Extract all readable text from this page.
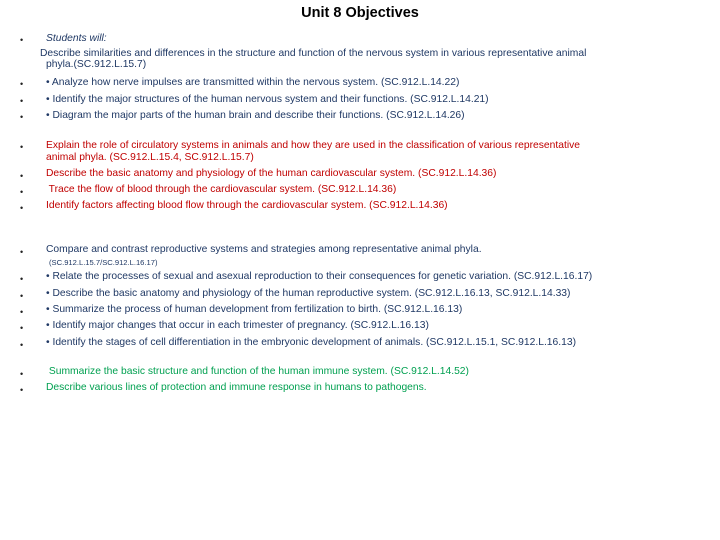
Unit 8 Objectives
• Students will:
Describe similarities and differences in the structure and function of the nervous system in various representative animal
phyla.(SC.912.L.15.7)
• • Analyze how nerve impulses are transmitted within the nervous system. (SC.912.L.14.22)
• • Identify the major structures of the human nervous system and their functions. (SC.912.L.14.21)
• • Diagram the major parts of the human brain and describe their functions. (SC.912.L.14.26)
• Explain the role of circulatory systems in animals and how they are used in the classification of various representative
animal phyla. (SC.912.L.15.4, SC.912.L.15.7)
• Describe the basic anatomy and physiology of the human cardiovascular system. (SC.912.L.14.36)
• Trace the flow of blood through the cardiovascular system. (SC.912.L.14.36)
• Identify factors affecting blood flow through the cardiovascular system. (SC.912.L.14.36)
• Compare and contrast reproductive systems and strategies among representative animal phyla.
(SC.912.L.15.7/SC.912.L.16.17)
• • Relate the processes of sexual and asexual reproduction to their consequences for genetic variation. (SC.912.L.16.17)
• • Describe the basic anatomy and physiology of the human reproductive system. (SC.912.L.16.13, SC.912.L.14.33)
• • Summarize the process of human development from fertilization to birth. (SC.912.L.16.13)
• • Identify major changes that occur in each trimester of pregnancy. (SC.912.L.16.13)
• • Identify the stages of cell differentiation in the embryonic development of animals. (SC.912.L.15.1, SC.912.L.16.13)
• Summarize the basic structure and function of the human immune system. (SC.912.L.14.52)
• Describe various lines of protection and immune response in humans to pathogens.
